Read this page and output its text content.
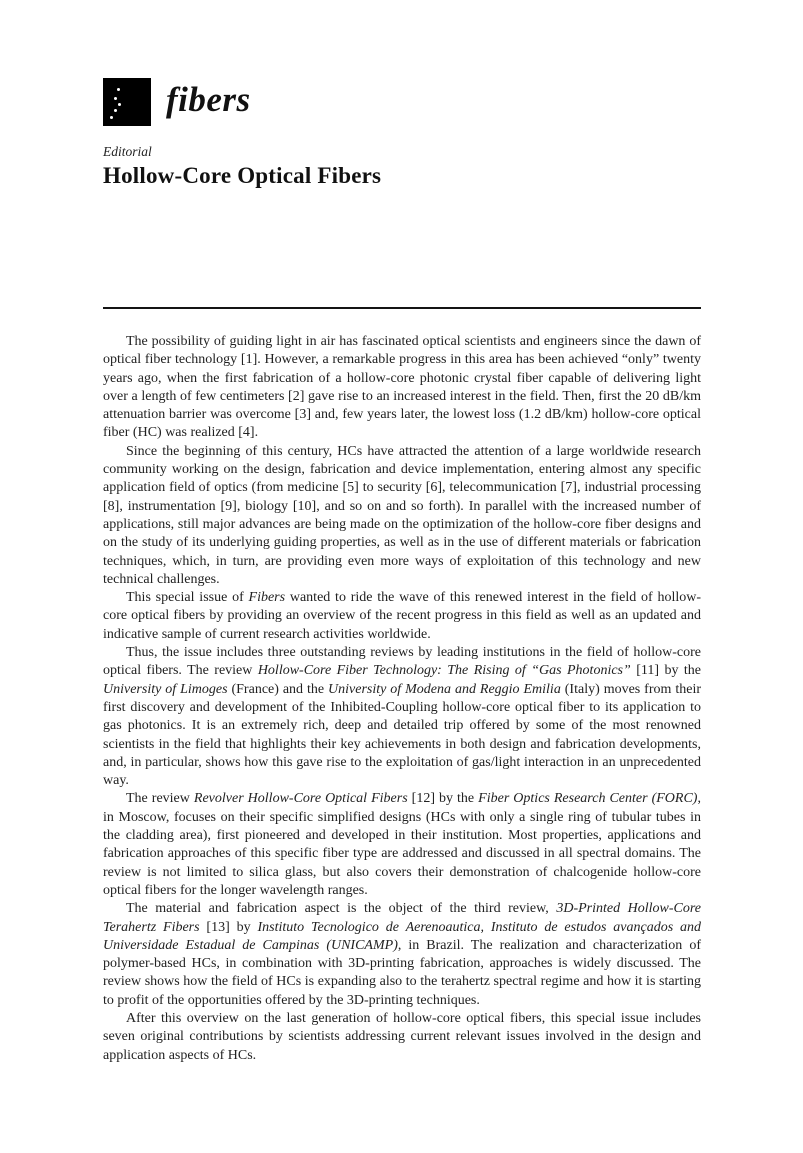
fibers
Editorial
Hollow-Core Optical Fibers

The possibility of guiding light in air has fascinated optical scientists and engineers since the dawn of optical fiber technology [1]. However, a remarkable progress in this area has been achieved “only” twenty years ago, when the first fabrication of a hollow-core photonic crystal fiber capable of delivering light over a length of few centimeters [2] gave rise to an increased interest in the field. Then, first the 20 dB/km attenuation barrier was overcome [3] and, few years later, the lowest loss (1.2 dB/km) hollow-core optical fiber (HC) was realized [4].

Since the beginning of this century, HCs have attracted the attention of a large worldwide research community working on the design, fabrication and device implementation, entering almost any specific application field of optics (from medicine [5] to security [6], telecommunication [7], industrial processing [8], instrumentation [9], biology [10], and so on and so forth). In parallel with the increased number of applications, still major advances are being made on the optimization of the hollow-core fiber designs and on the study of its underlying guiding properties, as well as in the use of different materials or fabrication techniques, which, in turn, are providing even more ways of exploitation of this technology and new technical challenges.

This special issue of Fibers wanted to ride the wave of this renewed interest in the field of hollow-core optical fibers by providing an overview of the recent progress in this field as well as an updated and indicative sample of current research activities worldwide.

Thus, the issue includes three outstanding reviews by leading institutions in the field of hollow-core optical fibers. The review Hollow-Core Fiber Technology: The Rising of “Gas Photonics” [11] by the University of Limoges (France) and the University of Modena and Reggio Emilia (Italy) moves from their first discovery and development of the Inhibited-Coupling hollow-core optical fiber to its application to gas photonics. It is an extremely rich, deep and detailed trip offered by some of the most renowned scientists in the field that highlights their key achievements in both design and fabrication developments, and, in particular, shows how this gave rise to the exploitation of gas/light interaction in an unprecedented way.

The review Revolver Hollow-Core Optical Fibers [12] by the Fiber Optics Research Center (FORC), in Moscow, focuses on their specific simplified designs (HCs with only a single ring of tubular tubes in the cladding area), first pioneered and developed in their institution. Most properties, applications and fabrication approaches of this specific fiber type are addressed and discussed in all spectral domains. The review is not limited to silica glass, but also covers their demonstration of chalcogenide hollow-core optical fibers for the longer wavelength ranges.

The material and fabrication aspect is the object of the third review, 3D-Printed Hollow-Core Terahertz Fibers [13] by Instituto Tecnologico de Aerenoautica, Instituto de estudos avançados and Universidade Estadual de Campinas (UNICAMP), in Brazil. The realization and characterization of polymer-based HCs, in combination with 3D-printing fabrication, approaches is widely discussed. The review shows how the field of HCs is expanding also to the terahertz spectral regime and how it is starting to profit of the opportunities offered by the 3D-printing techniques.

After this overview on the last generation of hollow-core optical fibers, this special issue includes seven original contributions by scientists addressing current relevant issues involved in the design and application aspects of HCs.
